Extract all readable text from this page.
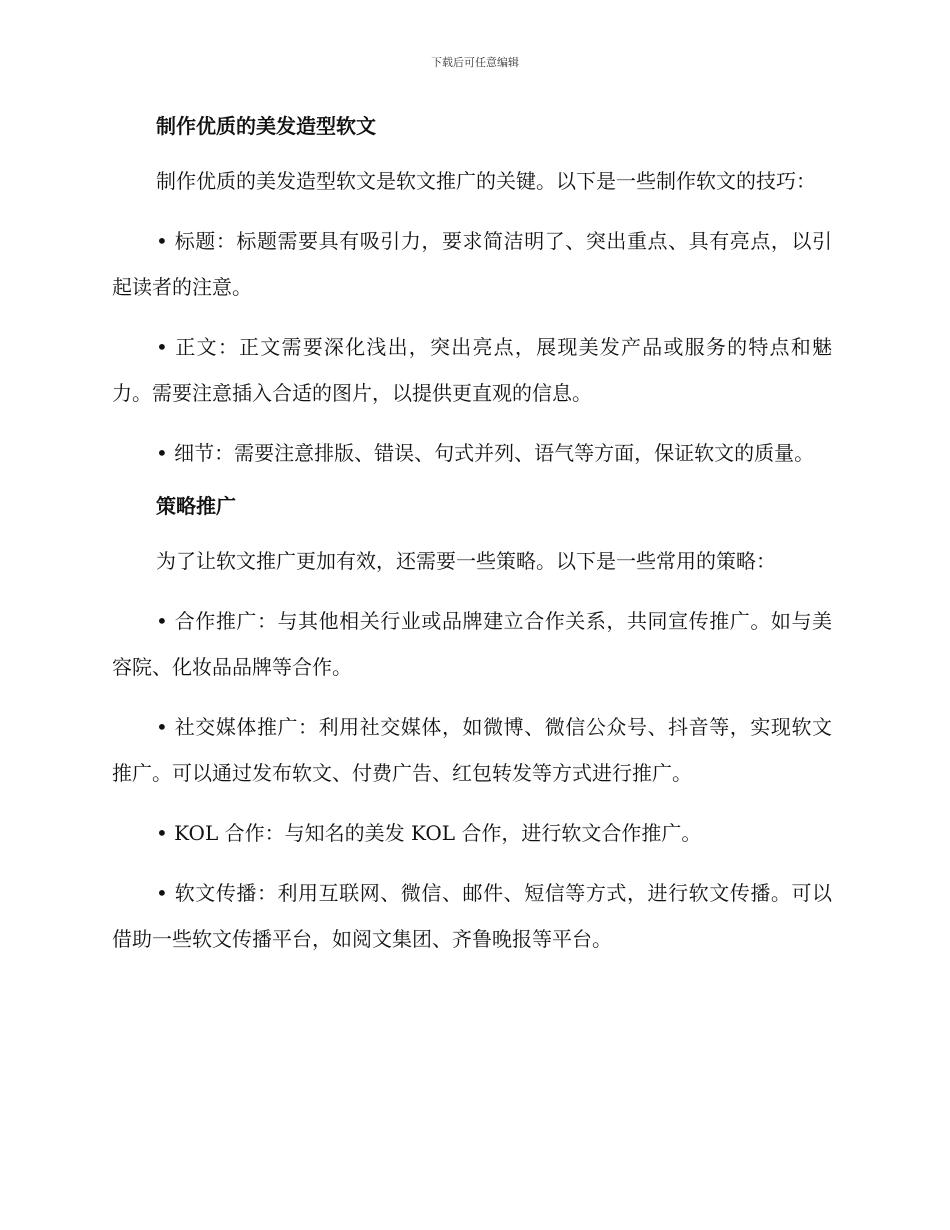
下载后可任意编辑
制作优质的美发造型软文

制作优质的美发造型软文是软文推广的关键。以下是一些制作软文的技巧：

• 标题：标题需要具有吸引力，要求简洁明了、突出重点、具有亮点，以引起读者的注意。

• 正文：正文需要深化浅出，突出亮点，展现美发产品或服务的特点和魅力。需要注意插入合适的图片，以提供更直观的信息。

• 细节：需要注意排版、错误、句式并列、语气等方面，保证软文的质量。

策略推广

为了让软文推广更加有效，还需要一些策略。以下是一些常用的策略：

• 合作推广：与其他相关行业或品牌建立合作关系，共同宣传推广。如与美容院、化妆品品牌等合作。

• 社交媒体推广：利用社交媒体，如微博、微信公众号、抖音等，实现软文推广。可以通过发布软文、付费广告、红包转发等方式进行推广。

• KOL 合作：与知名的美发 KOL 合作，进行软文合作推广。

• 软文传播：利用互联网、微信、邮件、短信等方式，进行软文传播。可以借助一些软文传播平台，如阅文集团、齐鲁晚报等平台。
